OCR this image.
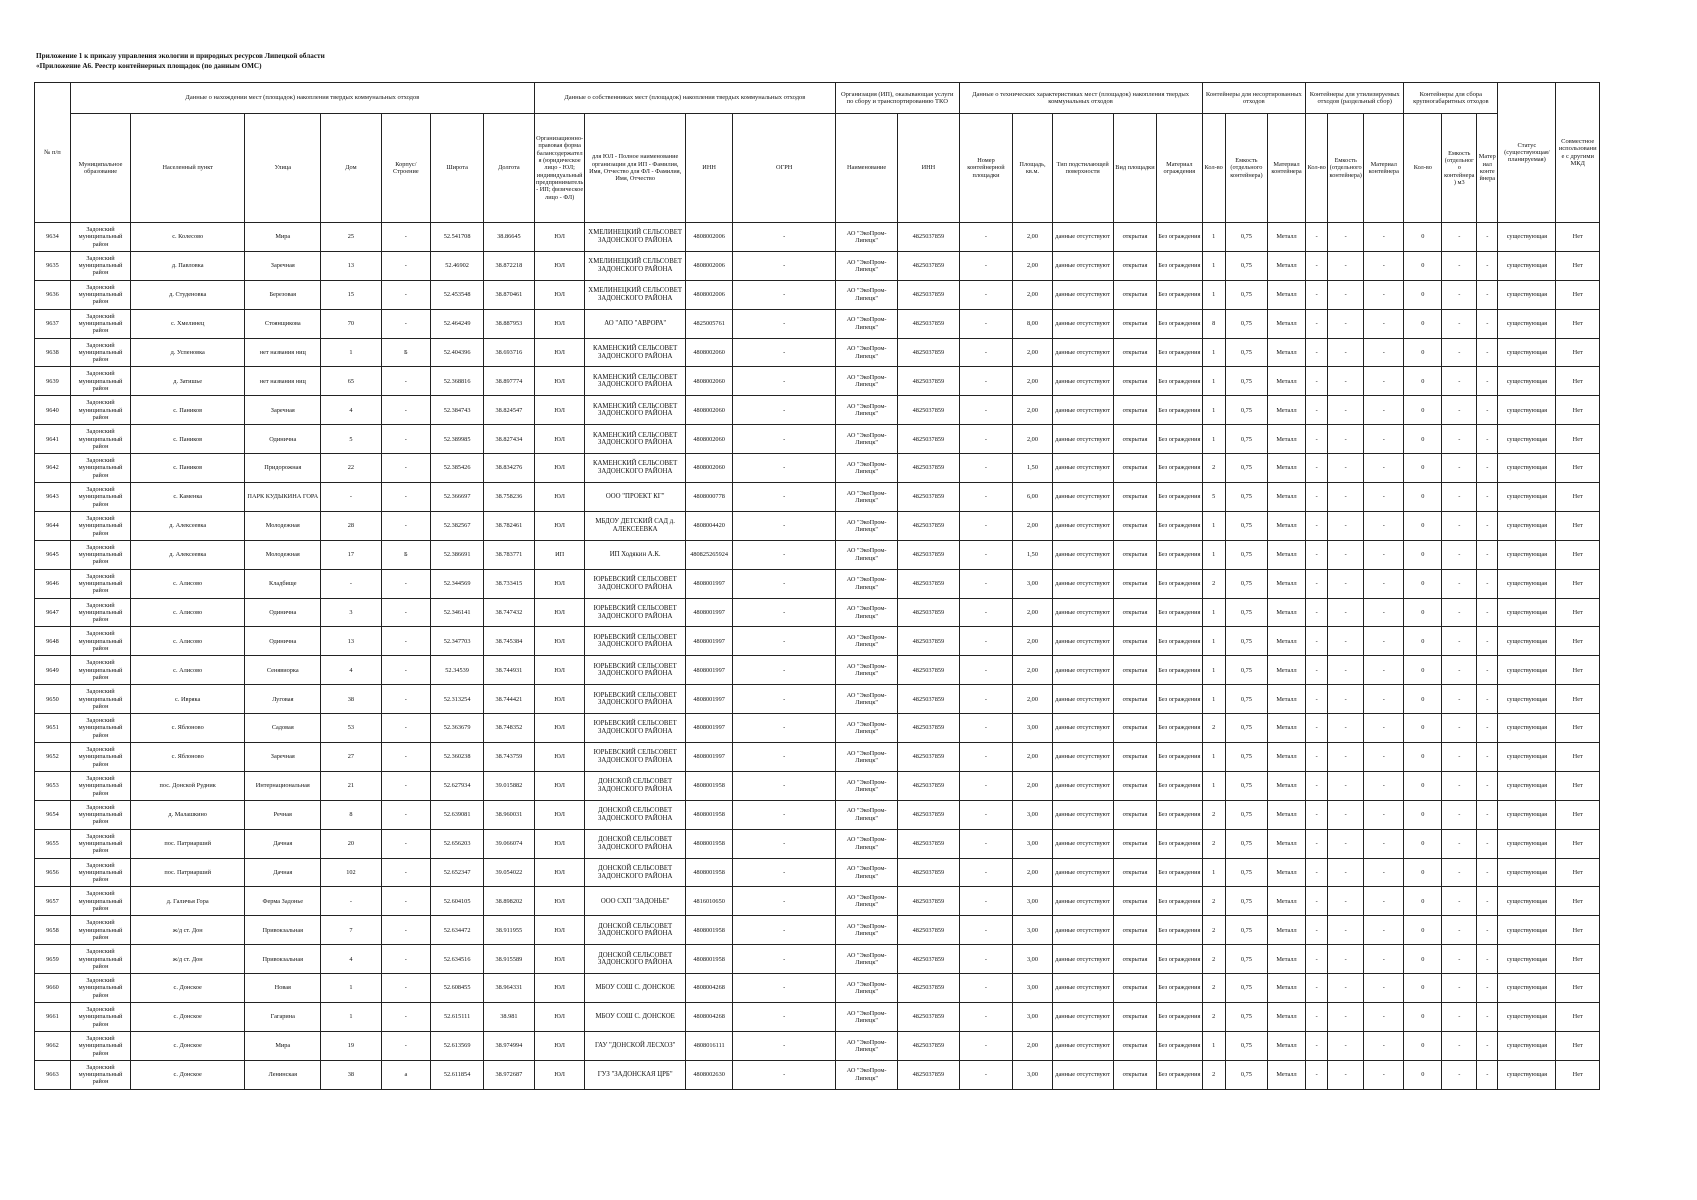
Приложение 1 к приказу управления экологии и природных ресурсов Липецкой области
«Приложение А6. Реестр контейнерных площадок (по данным ОМС)
№ п/п	Данные о нахождении мест (площадок) накопления твердых коммунальных отходов							Данные о собственниках мест (площадок) накопления твердых коммунальных отходов				Организация (ИП), оказывающая услуги по сбору и транспортированию ТКО		Данные о технических характеристиках мест (площадок) накопления твердых коммунальных отходов					Контейнеры для несортированных отходов			Контейнеры для утилизируемых отходов (раздельный сбор)			Контейнеры для сбора крупногабаритных отходов			Статус (существующая/ планируемая)	Совместное использование с другими МКД
	Муниципальное образование	Населенный пункт	Улица	Дом	Корпус/Строение	Широта	Долгота	Организационно-правовая форма балансодержателя (юридическое лицо - ЮЛ; индивидуальный предприниматель - ИП; физическое лицо - ФЛ)	для ЮЛ - Полное наименование организации для ИП - Фамилия, Имя, Отчество для ФЛ - Фамилия, Имя, Отчество	ИНН	ОГРН	Наименование	ИНН	Номер контейнерной площадки	Площадь, кв.м.	Тип подстилающей поверхности	Вид площадки	Материал ограждения	Кол-во	Емкость (отдельного контейнера)	Материал контейнера	Кол-во	Емкость (отдельного контейнера)	Материал контейнера	Кол-во	Емкость (отдельного контейнера) м3	Материал контейнера		
9634	Задонский муниципальный район	с. Колесово	Мира	25	-	52.541708	38.86645	ЮЛ	ХМЕЛИНЕЦКИЙ СЕЛЬСОВЕТ ЗАДОНСКОГО РАЙОНА	4808002006	-	АО "ЭкоПром-Липецк"	4825037859	-	2,00	данные отсутствуют	открытая	Без ограждения	1	0,75	Металл	-	-	-	0	-	-	существующая	Нет
9635	Задонский муниципальный район	д. Павловка	Заречная	13	-	52.46902	38.872218	ЮЛ	ХМЕЛИНЕЦКИЙ СЕЛЬСОВЕТ ЗАДОНСКОГО РАЙОНА	4808002006	-	АО "ЭкоПром-Липецк"	4825037859	-	2,00	данные отсутствуют	открытая	Без ограждения	1	0,75	Металл	-	-	-	0	-	-	существующая	Нет
9636	Задонский муниципальный район	д. Студеновка	Березовая	15	-	52.453548	38.870461	ЮЛ	ХМЕЛИНЕЦКИЙ СЕЛЬСОВЕТ ЗАДОНСКОГО РАЙОНА	4808002006	-	АО "ЭкоПром-Липецк"	4825037859	-	2,00	данные отсутствуют	открытая	Без ограждения	1	0,75	Металл	-	-	-	0	-	-	существующая	Нет
9637	Задонский муниципальный район	с. Хмелинец	Стоянщикова	70	-	52.464249	38.887953	ЮЛ	АО "АПО "АВРОРА"	4825005761	-	АО "ЭкоПром-Липецк"	4825037859	-	8,00	данные отсутствуют	открытая	Без ограждения	8	0,75	Металл	-	-	-	0	-	-	существующая	Нет
9638	Задонский муниципальный район	д. Успеновка	нет названия ниц	1	Б	52.404396	38.693716	ЮЛ	КАМЕНСКИЙ СЕЛЬСОВЕТ ЗАДОНСКОГО РАЙОНА	4808002060	-	АО "ЭкоПром-Липецк"	4825037859	-	2,00	данные отсутствуют	открытая	Без ограждения	1	0,75	Металл	-	-	-	0	-	-	существующая	Нет
9639	Задонский муниципальный район	д. Затишье	нет названия ниц	65	-	52.368816	38.897774	ЮЛ	КАМЕНСКИЙ СЕЛЬСОВЕТ ЗАДОНСКОГО РАЙОНА	4808002060	-	АО "ЭкоПром-Липецк"	4825037859	-	2,00	данные отсутствуют	открытая	Без ограждения	1	0,75	Металл	-	-	-	0	-	-	существующая	Нет
9640	Задонский муниципальный район	с. Паников	Заречная	4	-	52.384743	38.824547	ЮЛ	КАМЕНСКИЙ СЕЛЬСОВЕТ ЗАДОНСКОГО РАЙОНА	4808002060	-	АО "ЭкоПром-Липецк"	4825037859	-	2,00	данные отсутствуют	открытая	Без ограждения	1	0,75	Металл	-	-	-	0	-	-	существующая	Нет
9641	Задонский муниципальный район	с. Паников	Одинична	5	-	52.389985	38.827434	ЮЛ	КАМЕНСКИЙ СЕЛЬСОВЕТ ЗАДОНСКОГО РАЙОНА	4808002060	-	АО "ЭкоПром-Липецк"	4825037859	-	2,00	данные отсутствуют	открытая	Без ограждения	1	0,75	Металл	-	-	-	0	-	-	существующая	Нет
9642	Задонский муниципальный район	с. Паников	Придорожная	22	-	52.385426	38.834276	ЮЛ	КАМЕНСКИЙ СЕЛЬСОВЕТ ЗАДОНСКОГО РАЙОНА	4808002060	-	АО "ЭкоПром-Липецк"	4825037859	-	1,50	данные отсутствуют	открытая	Без ограждения	2	0,75	Металл	-	-	-	0	-	-	существующая	Нет
9643	Задонский муниципальный район	с. Каменка	ПАРК КУДЫКИНА ГОРА	-	-	52.366697	38.758236	ЮЛ	ООО "ПРОЕКТ КГ"	4808000778	-	АО "ЭкоПром-Липецк"	4825037859	-	6,00	данные отсутствуют	открытая	Без ограждения	5	0,75	Металл	-	-	-	0	-	-	существующая	Нет
9644	Задонский муниципальный район	д. Алексеевка	Молодежная	28	-	52.382567	38.782461	ЮЛ	МБДОУ ДЕТСКИЙ САД д. АЛЕКСЕЕВКА	4808004420	-	АО "ЭкоПром-Липецк"	4825037859	-	2,00	данные отсутствуют	открытая	Без ограждения	1	0,75	Металл	-	-	-	0	-	-	существующая	Нет
9645	Задонский муниципальный район	д. Алексеевка	Молодежная	17	Б	52.386691	38.783771	ИП	ИП Ходякин А.К.	480825265924	-	АО "ЭкоПром-Липецк"	4825037859	-	1,50	данные отсутствуют	открытая	Без ограждения	1	0,75	Металл	-	-	-	0	-	-	существующая	Нет
9646	Задонский муниципальный район	с. Алисово	Кладбище	-	-	52.344569	38.733415	ЮЛ	ЮРЬЕВСКИЙ СЕЛЬСОВЕТ ЗАДОНСКОГО РАЙОНА	4808001997	-	АО "ЭкоПром-Липецк"	4825037859	-	3,00	данные отсутствуют	открытая	Без ограждения	2	0,75	Металл	-	-	-	0	-	-	существующая	Нет
9647	Задонский муниципальный район	с. Алисово	Одинична	3	-	52.346141	38.747432	ЮЛ	ЮРЬЕВСКИЙ СЕЛЬСОВЕТ ЗАДОНСКОГО РАЙОНА	4808001997	-	АО "ЭкоПром-Липецк"	4825037859	-	2,00	данные отсутствуют	открытая	Без ограждения	1	0,75	Металл	-	-	-	0	-	-	существующая	Нет
9648	Задонский муниципальный район	с. Алисово	Одинична	13	-	52.347703	38.745384	ЮЛ	ЮРЬЕВСКИЙ СЕЛЬСОВЕТ ЗАДОНСКОГО РАЙОНА	4808001997	-	АО "ЭкоПром-Липецк"	4825037859	-	2,00	данные отсутствуют	открытая	Без ограждения	1	0,75	Металл	-	-	-	0	-	-	существующая	Нет
9649	Задонский муниципальный район	с. Алисово	Сенявиорка	4	-	52.34539	38.744931	ЮЛ	ЮРЬЕВСКИЙ СЕЛЬСОВЕТ ЗАДОНСКОГО РАЙОНА	4808001997	-	АО "ЭкоПром-Липецк"	4825037859	-	2,00	данные отсутствуют	открытая	Без ограждения	1	0,75	Металл	-	-	-	0	-	-	существующая	Нет
9650	Задонский муниципальный район	с. Ивряка	Луговая	38	-	52.313254	38.744421	ЮЛ	ЮРЬЕВСКИЙ СЕЛЬСОВЕТ ЗАДОНСКОГО РАЙОНА	4808001997	-	АО "ЭкоПром-Липецк"	4825037859	-	2,00	данные отсутствуют	открытая	Без ограждения	1	0,75	Металл	-	-	-	0	-	-	существующая	Нет
9651	Задонский муниципальный район	с. Яблоново	Садовая	53	-	52.363679	38.748352	ЮЛ	ЮРЬЕВСКИЙ СЕЛЬСОВЕТ ЗАДОНСКОГО РАЙОНА	4808001997	-	АО "ЭкоПром-Липецк"	4825037859	-	3,00	данные отсутствуют	открытая	Без ограждения	2	0,75	Металл	-	-	-	0	-	-	существующая	Нет
9652	Задонский муниципальный район	с. Яблоново	Заречная	27	-	52.360238	38.743759	ЮЛ	ЮРЬЕВСКИЙ СЕЛЬСОВЕТ ЗАДОНСКОГО РАЙОНА	4808001997	-	АО "ЭкоПром-Липецк"	4825037859	-	2,00	данные отсутствуют	открытая	Без ограждения	1	0,75	Металл	-	-	-	0	-	-	существующая	Нет
9653	Задонский муниципальный район	пос. Донской Рудник	Интернациональная	21	-	52.627934	39.015882	ЮЛ	ДОНСКОЙ СЕЛЬСОВЕТ ЗАДОНСКОГО РАЙОНА	4808001958	-	АО "ЭкоПром-Липецк"	4825037859	-	2,00	данные отсутствуют	открытая	Без ограждения	1	0,75	Металл	-	-	-	0	-	-	существующая	Нет
9654	Задонский муниципальный район	д. Малашкино	Речная	8	-	52.639081	38.960031	ЮЛ	ДОНСКОЙ СЕЛЬСОВЕТ ЗАДОНСКОГО РАЙОНА	4808001958	-	АО "ЭкоПром-Липецк"	4825037859	-	3,00	данные отсутствуют	открытая	Без ограждения	2	0,75	Металл	-	-	-	0	-	-	существующая	Нет
9655	Задонский муниципальный район	пос. Патриарший	Дачная	20	-	52.656203	39.066074	ЮЛ	ДОНСКОЙ СЕЛЬСОВЕТ ЗАДОНСКОГО РАЙОНА	4808001958	-	АО "ЭкоПром-Липецк"	4825037859	-	3,00	данные отсутствуют	открытая	Без ограждения	2	0,75	Металл	-	-	-	0	-	-	существующая	Нет
9656	Задонский муниципальный район	пос. Патриарший	Дачная	102	-	52.652347	39.054022	ЮЛ	ДОНСКОЙ СЕЛЬСОВЕТ ЗАДОНСКОГО РАЙОНА	4808001958	-	АО "ЭкоПром-Липецк"	4825037859	-	2,00	данные отсутствуют	открытая	Без ограждения	1	0,75	Металл	-	-	-	0	-	-	существующая	Нет
9657	Задонский муниципальный район	д. Галичья Гора	Ферма Задонье	-	-	52.604105	38.898202	ЮЛ	ООО СХП "ЗАДОНЬЕ"	4816010650	-	АО "ЭкоПром-Липецк"	4825037859	-	3,00	данные отсутствуют	открытая	Без ограждения	2	0,75	Металл	-	-	-	0	-	-	существующая	Нет
9658	Задонский муниципальный район	ж/д ст. Дон	Привокзальная	7	-	52.634472	38.911955	ЮЛ	ДОНСКОЙ СЕЛЬСОВЕТ ЗАДОНСКОГО РАЙОНА	4808001958	-	АО "ЭкоПром-Липецк"	4825037859	-	3,00	данные отсутствуют	открытая	Без ограждения	2	0,75	Металл	-	-	-	0	-	-	существующая	Нет
9659	Задонский муниципальный район	ж/д ст. Дон	Привокзальная	4	-	52.634516	38.915589	ЮЛ	ДОНСКОЙ СЕЛЬСОВЕТ ЗАДОНСКОГО РАЙОНА	4808001958	-	АО "ЭкоПром-Липецк"	4825037859	-	3,00	данные отсутствуют	открытая	Без ограждения	2	0,75	Металл	-	-	-	0	-	-	существующая	Нет
9660	Задонский муниципальный район	с. Донское	Новая	1	-	52.608455	38.964331	ЮЛ	МБОУ СОШ С. ДОНСКОЕ	4808004268	-	АО "ЭкоПром-Липецк"	4825037859	-	3,00	данные отсутствуют	открытая	Без ограждения	2	0,75	Металл	-	-	-	0	-	-	существующая	Нет
9661	Задонский муниципальный район	с. Донское	Гагарина	1	-	52.615111	38.981	ЮЛ	МБОУ СОШ С. ДОНСКОЕ	4808004268	-	АО "ЭкоПром-Липецк"	4825037859	-	3,00	данные отсутствуют	открытая	Без ограждения	2	0,75	Металл	-	-	-	0	-	-	существующая	Нет
9662	Задонский муниципальный район	с. Донское	Мира	19	-	52.613569	38.974994	ЮЛ	ГАУ "ДОНСКОЙ ЛЕСХОЗ"	4808016111	-	АО "ЭкоПром-Липецк"	4825037859	-	2,00	данные отсутствуют	открытая	Без ограждения	1	0,75	Металл	-	-	-	0	-	-	существующая	Нет
9663	Задонский муниципальный район	с. Донское	Ленинская	38	а	52.611854	38.972687	ЮЛ	ГУЗ "ЗАДОНСКАЯ ЦРБ"	4808002630	-	АО "ЭкоПром-Липецк"	4825037859	-	3,00	данные отсутствуют	открытая	Без ограждения	2	0,75	Металл	-	-	-	0	-	-	существующая	Нет
